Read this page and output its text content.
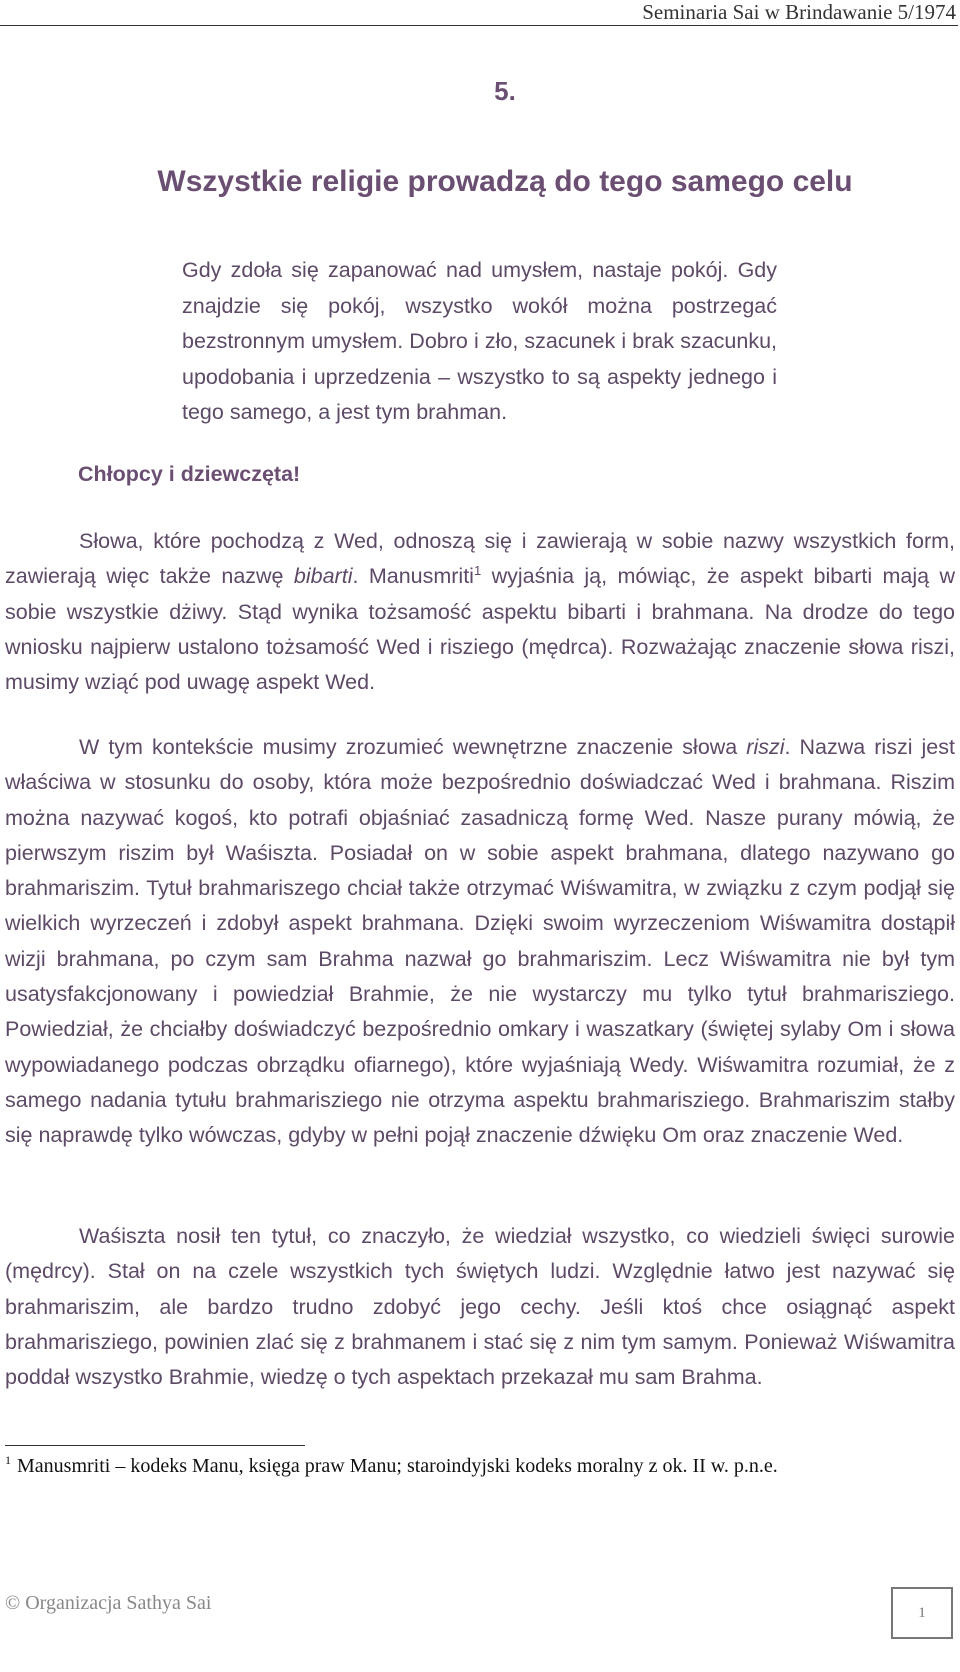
Seminaria Sai w Brindawanie 5/1974
5.
Wszystkie religie prowadzą do tego samego celu
Gdy zdoła się zapanować nad umysłem, nastaje pokój. Gdy znajdzie się pokój, wszystko wokół można postrzegać bezstronnym umysłem. Dobro i zło, szacunek i brak szacunku, upodobania i uprzedzenia – wszystko to są aspekty jednego i tego samego, a jest tym brahman.
Chłopcy i dziewczęta!

Słowa, które pochodzą z Wed, odnoszą się i zawierają w sobie nazwy wszystkich form, zawierają więc także nazwę bibarti. Manusmriti$^1$ wyjaśnia ją, mówiąc, że aspekt bibarti mają w sobie wszystkie dżiwy. Stąd wynika tożsamość aspektu bibarti i brahmana. Na drodze do tego wniosku najpierw ustalono tożsamość Wed i risziego (mędrca). Rozważając znaczenie słowa riszi, musimy wziąć pod uwagę aspekt Wed.

W tym kontekście musimy zrozumieć wewnętrzne znaczenie słowa riszi. Nazwa riszi jest właściwa w stosunku do osoby, która może bezpośrednio doświadczać Wed i brahmana. Riszim można nazywać kogoś, kto potrafi objaśniać zasadniczą formę Wed. Nasze purany mówią, że pierwszym riszim był Waśiszta. Posiadał on w sobie aspekt brahmana, dlatego nazywano go brahmariszim. Tytuł brahmariszego chciał także otrzymać Wiśwamitra, w związku z czym podjął się wielkich wyrzeczeń i zdobył aspekt brahmana. Dzięki swoim wyrzeczeniom Wiśwamitra dostąpił wizji brahmana, po czym sam Brahma nazwał go brahmariszim. Lecz Wiśwamitra nie był tym usatysfakcjonowany i powiedział Brahmie, że nie wystarczy mu tylko tytuł brahmarisziego. Powiedział, że chciałby doświadczyć bezpośrednio omkary i waszatkary (świętej sylaby Om i słowa wypowiadanego podczas obrządku ofiarnego), które wyjaśniają Wedy. Wiśwamitra rozumiał, że z samego nadania tytułu brahmarisziego nie otrzyma aspektu brahmarisziego. Brahmariszim stałby się naprawdę tylko wówczas, gdyby w pełni pojął znaczenie dźwięku Om oraz znaczenie Wed.

Waśiszta nosił ten tytuł, co znaczyło, że wiedział wszystko, co wiedzieli święci surowie (mędrcy). Stał on na czele wszystkich tych świętych ludzi. Względnie łatwo jest nazywać się brahmariszim, ale bardzo trudno zdobyć jego cechy. Jeśli ktoś chce osiągnąć aspekt brahmarisziego, powinien zlać się z brahmanem i stać się z nim tym samym. Ponieważ Wiśwamitra poddał wszystko Brahmie, wiedzę o tych aspektach przekazał mu sam Brahma.

$^1$ Manusmriti – kodeks Manu, księga praw Manu; staroindyjski kodeks moralny z ok. II w. p.n.e.
© Organizacja Sathya Sai	1
